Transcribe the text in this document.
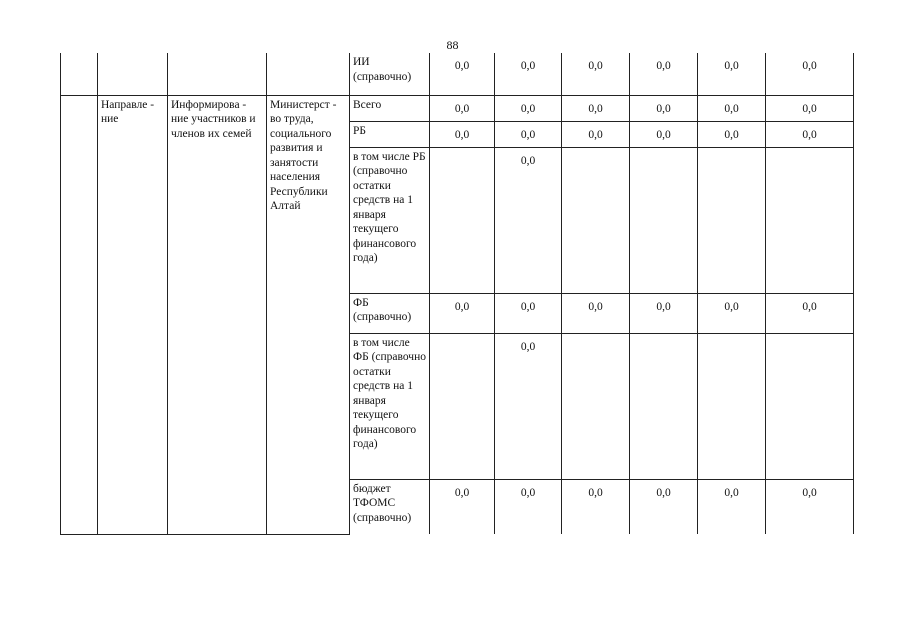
88
				ИИ (справочно)	0,0	0,0	0,0	0,0	0,0	0,0
	Направле - ние	Информирова - ние участников и членов их семей	Министерст - во труда, социального развития и занятости населения Республики Алтай	Всего	0,0	0,0	0,0	0,0	0,0	0,0
				РБ	0,0	0,0	0,0	0,0	0,0	0,0
				в том числе РБ (справочно остатки средств на 1 января текущего финансового года)		0,0				
				ФБ (справочно)	0,0	0,0	0,0	0,0	0,0	0,0
				в том числе ФБ (справочно остатки средств на 1 января текущего финансового года)		0,0				
				бюджет ТФОМС (справочно)	0,0	0,0	0,0	0,0	0,0	0,0
